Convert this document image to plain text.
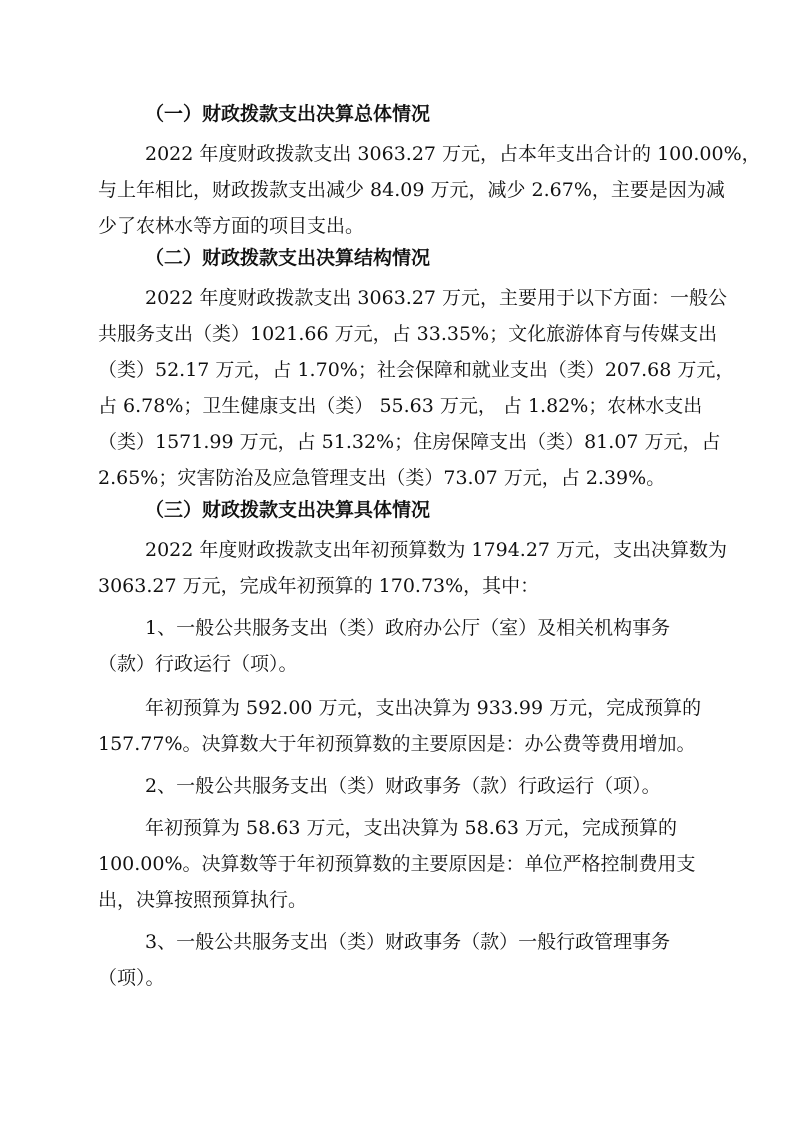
（一）财政拨款支出决算总体情况

2022 年度财政拨款支出 3063.27 万元，占本年支出合计的 100.00%，

与上年相比，财政拨款支出减少 84.09 万元，减少 2.67%，主要是因为减

少了农林水等方面的项目支出。

（二）财政拨款支出决算结构情况

2022 年度财政拨款支出 3063.27 万元，主要用于以下方面：一般公

共服务支出（类）1021.66 万元，占 33.35%；文化旅游体育与传媒支出

（类）52.17 万元，占 1.70%；社会保障和就业支出（类）207.68 万元，

占 6.78%；卫生健康支出（类） 55.63 万元， 占 1.82%；农林水支出

（类）1571.99 万元，占 51.32%；住房保障支出（类）81.07 万元，占

2.65%；灾害防治及应急管理支出（类）73.07 万元，占 2.39%。

（三）财政拨款支出决算具体情况

2022 年度财政拨款支出年初预算数为 1794.27 万元，支出决算数为

3063.27 万元，完成年初预算的 170.73%，其中：

1、一般公共服务支出（类）政府办公厅（室）及相关机构事务

（款）行政运行（项）。

年初预算为 592.00 万元，支出决算为 933.99 万元，完成预算的

157.77%。决算数大于年初预算数的主要原因是：办公费等费用增加。

2、一般公共服务支出（类）财政事务（款）行政运行（项）。

年初预算为 58.63 万元，支出决算为 58.63 万元，完成预算的

100.00%。决算数等于年初预算数的主要原因是：单位严格控制费用支

出，决算按照预算执行。

3、一般公共服务支出（类）财政事务（款）一般行政管理事务

（项）。
